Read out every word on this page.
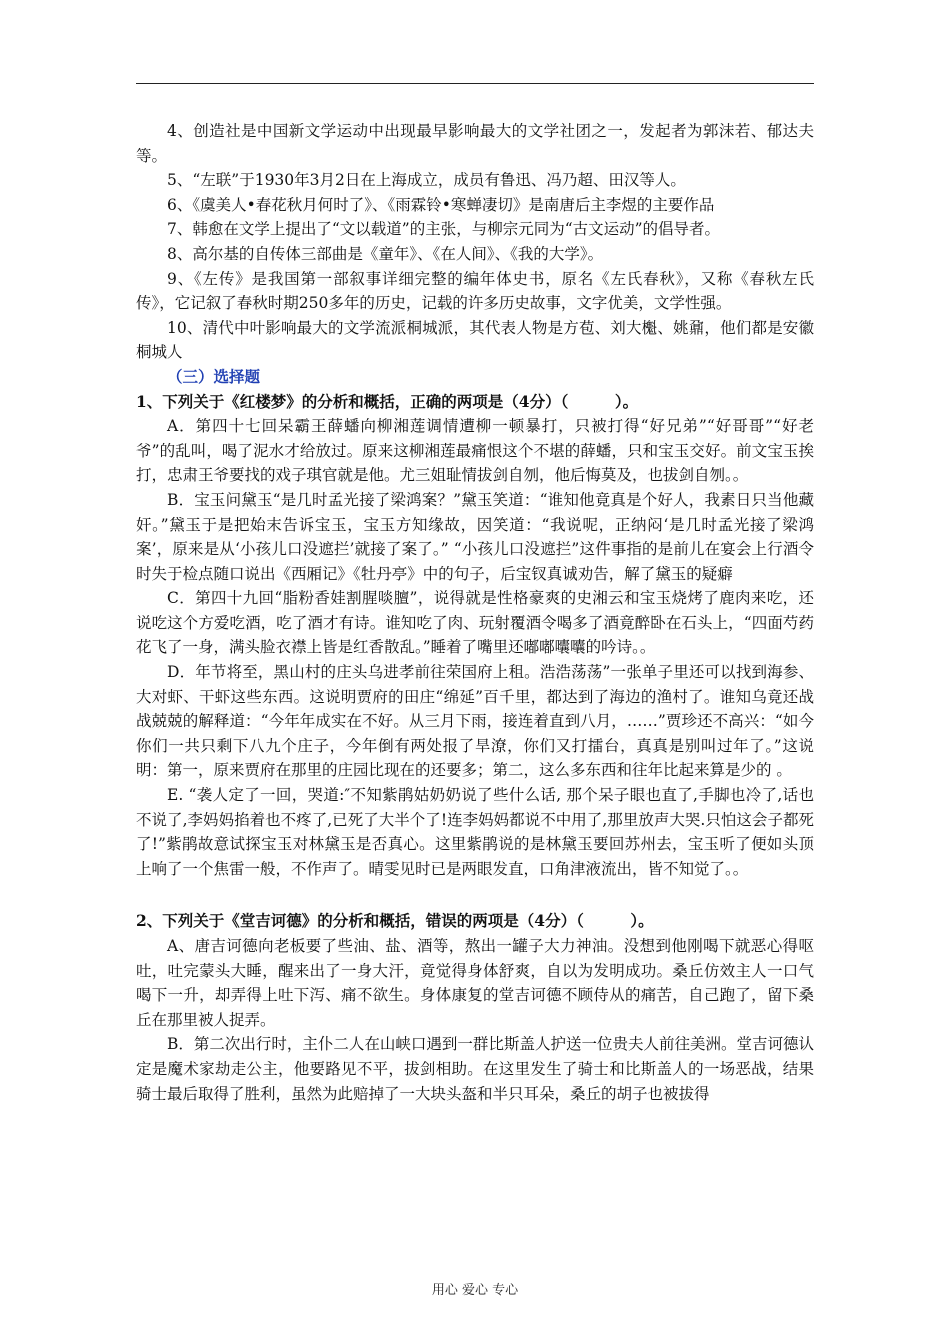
4、创造社是中国新文学运动中出现最早影响最大的文学社团之一，发起者为郭沫若、郁达夫等。

5、“左联”于1930年3月2日在上海成立，成员有鲁迅、冯乃超、田汉等人。

6、《虞美人•春花秋月何时了》、《雨霖铃•寒蝉凄切》是南唐后主李煜的主要作品

7、韩愈在文学上提出了“文以载道”的主张，与柳宗元同为“古文运动”的倡导者。

8、高尔基的自传体三部曲是《童年》、《在人间》、《我的大学》。

9、《左传》是我国第一部叙事详细完整的编年体史书，原名《左氏春秋》，又称《春秋左氏传》，它记叙了春秋时期250多年的历史，记载的许多历史故事，文字优美，文学性强。

10、清代中叶影响最大的文学流派桐城派，其代表人物是方苞、刘大櫆、姚鼐，他们都是安徽桐城人

（三）选择题

1、下列关于《红楼梦》的分析和概括，正确的两项是（4分）（　　　）。

A．第四十七回呆霸王薛蟠向柳湘莲调情遭柳一顿暴打，只被打得“好兄弟”“好哥哥”“好老爷”的乱叫，喝了泥水才给放过。原来这柳湘莲最痛恨这个不堪的薛蟠，只和宝玉交好。前文宝玉挨打，忠肃王爷要找的戏子琪官就是他。尤三姐耻情拔剑自刎，他后悔莫及，也拔剑自刎。。

B．宝玉问黛玉“是几时孟光接了梁鸿案？”黛玉笑道：“谁知他竟真是个好人，我素日只当他藏奸。”黛玉于是把始末告诉宝玉，宝玉方知缘故，因笑道：“我说呢，正纳闷‘是几时孟光接了梁鸿案’，原来是从‘小孩儿口没遮拦’就接了案了。” “小孩儿口没遮拦”这件事指的是前儿在宴会上行酒令时失于检点随口说出《西厢记》《牡丹亭》中的句子，后宝钗真诚劝告，解了黛玉的疑癖

C．第四十九回“脂粉香娃割腥啖膻”，说得就是性格豪爽的史湘云和宝玉烧烤了鹿肉来吃，还说吃这个方爱吃酒，吃了酒才有诗。谁知吃了肉、玩射覆酒令喝多了酒竟醉卧在石头上，“四面芍药花飞了一身，满头脸衣襟上皆是红香散乱。”睡着了嘴里还嘟嘟囔囔的吟诗。。

D．年节将至，黑山村的庄头乌进孝前往荣国府上租。浩浩荡荡”一张单子里还可以找到海参、大对虾、干虾这些东西。这说明贾府的田庄“绵延”百千里，都达到了海边的渔村了。谁知乌竟还战战兢兢的解释道：“今年年成实在不好。从三月下雨，接连着直到八月，……”贾珍还不高兴：“如今你们一共只剩下八九个庄子，今年倒有两处报了旱潦，你们又打擂台，真真是别叫过年了。”这说明：第一，原来贾府在那里的庄园比现在的还要多；第二，这么多东西和往年比起来算是少的 。

E. “袭人定了一回，哭道:″不知紫鹃姑奶奶说了些什么话, 那个呆子眼也直了,手脚也冷了,话也不说了,李妈妈掐着也不疼了,已死了大半个了!连李妈妈都说不中用了,那里放声大哭.只怕这会子都死了!”紫鹃故意试探宝玉对林黛玉是否真心。这里紫鹃说的是林黛玉要回苏州去，宝玉听了便如头顶上响了一个焦雷一般，不作声了。晴雯见时已是两眼发直，口角津液流出，皆不知觉了。。

2、下列关于《堂吉诃德》的分析和概括，错误的两项是（4分）（　　　）。

A、唐吉诃德向老板要了些油、盐、酒等，熬出一罐子大力神油。没想到他刚喝下就恶心得呕吐，吐完蒙头大睡，醒来出了一身大汗，竟觉得身体舒爽，自以为发明成功。桑丘仿效主人一口气喝下一升，却弄得上吐下泻、痛不欲生。身体康复的堂吉诃德不顾侍从的痛苦，自己跑了，留下桑丘在那里被人捉弄。

B．第二次出行时，主仆二人在山峡口遇到一群比斯盖人护送一位贵夫人前往美洲。堂吉诃德认定是魔术家劫走公主，他要路见不平，拔剑相助。在这里发生了骑士和比斯盖人的一场恶战，结果骑士最后取得了胜利，虽然为此赔掉了一大块头盔和半只耳朵，桑丘的胡子也被拔得

用心 爱心 专心
